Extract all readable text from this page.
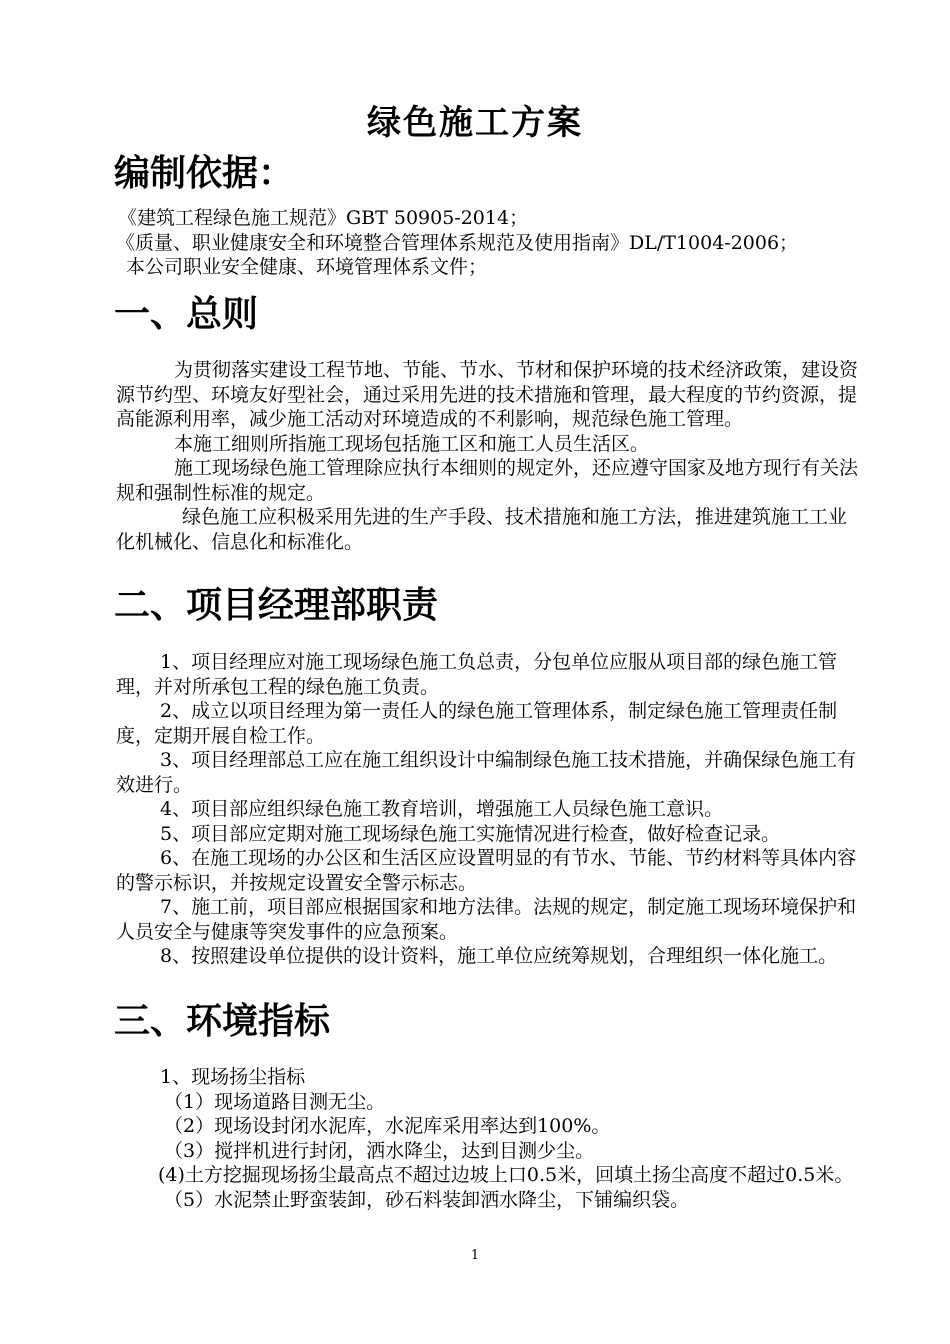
绿色施工方案
编制依据：
《建筑工程绿色施工规范》GBT 50905-2014；
《质量、职业健康安全和环境整合管理体系规范及使用指南》DL/T1004-2006；
本公司职业安全健康、环境管理体系文件；
一、总则
为贯彻落实建设工程节地、节能、节水、节材和保护环境的技术经济政策，建设资源节约型、环境友好型社会，通过采用先进的技术措施和管理，最大程度的节约资源，提高能源利用率，减少施工活动对环境造成的不利影响，规范绿色施工管理。
本施工细则所指施工现场包括施工区和施工人员生活区。
施工现场绿色施工管理除应执行本细则的规定外，还应遵守国家及地方现行有关法规和强制性标准的规定。
绿色施工应积极采用先进的生产手段、技术措施和施工方法，推进建筑施工工业化机械化、信息化和标准化。
二、项目经理部职责
1、项目经理应对施工现场绿色施工负总责，分包单位应服从项目部的绿色施工管理，并对所承包工程的绿色施工负责。
2、成立以项目经理为第一责任人的绿色施工管理体系，制定绿色施工管理责任制度，定期开展自检工作。
3、项目经理部总工应在施工组织设计中编制绿色施工技术措施，并确保绿色施工有效进行。
4、项目部应组织绿色施工教育培训，增强施工人员绿色施工意识。
5、项目部应定期对施工现场绿色施工实施情况进行检查，做好检查记录。
6、在施工现场的办公区和生活区应设置明显的有节水、节能、节约材料等具体内容的警示标识，并按规定设置安全警示标志。
7、施工前，项目部应根据国家和地方法律。法规的规定，制定施工现场环境保护和人员安全与健康等突发事件的应急预案。
8、按照建设单位提供的设计资料，施工单位应统筹规划，合理组织一体化施工。
三、环境指标
1、现场扬尘指标
（1）现场道路目测无尘。
（2）现场设封闭水泥库，水泥库采用率达到100%。
（3）搅拌机进行封闭，洒水降尘，达到目测少尘。
(4)土方挖掘现场扬尘最高点不超过边坡上口0.5米，回填土扬尘高度不超过0.5米。
（5）水泥禁止野蛮装卸，砂石料装卸洒水降尘，下铺编织袋。
1
